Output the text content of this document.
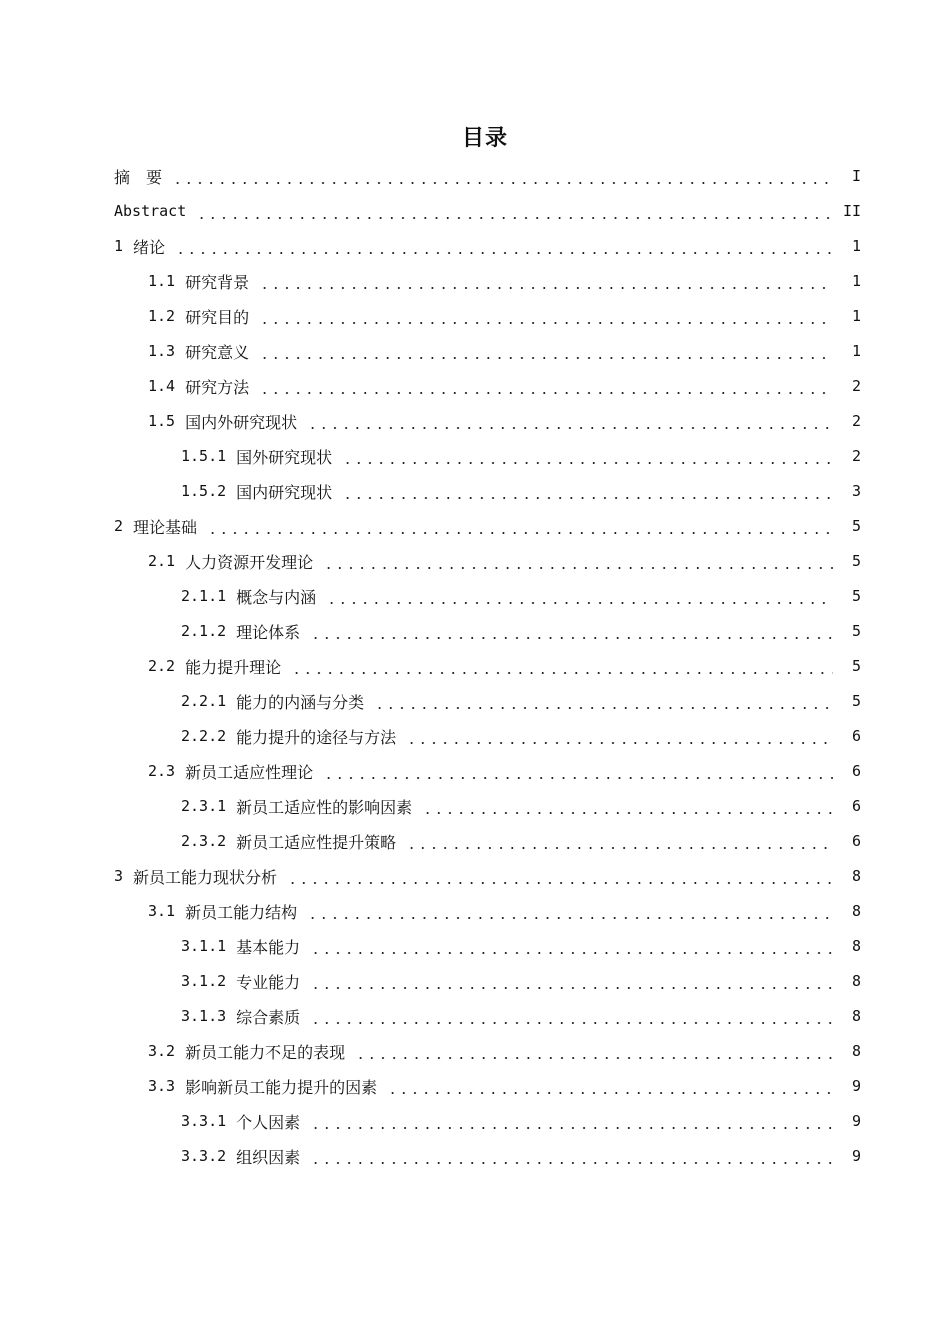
目录
摘　要	I
Abstract	II
1 绪论	1
1.1 研究背景	1
1.2 研究目的	1
1.3 研究意义	1
1.4 研究方法	2
1.5 国内外研究现状	2
1.5.1 国外研究现状	2
1.5.2 国内研究现状	3
2 理论基础	5
2.1 人力资源开发理论	5
2.1.1 概念与内涵	5
2.1.2 理论体系	5
2.2 能力提升理论	5
2.2.1 能力的内涵与分类	5
2.2.2 能力提升的途径与方法	6
2.3 新员工适应性理论	6
2.3.1 新员工适应性的影响因素	6
2.3.2 新员工适应性提升策略	6
3 新员工能力现状分析	8
3.1 新员工能力结构	8
3.1.1 基本能力	8
3.1.2 专业能力	8
3.1.3 综合素质	8
3.2 新员工能力不足的表现	8
3.3 影响新员工能力提升的因素	9
3.3.1 个人因素	9
3.3.2 组织因素	9
